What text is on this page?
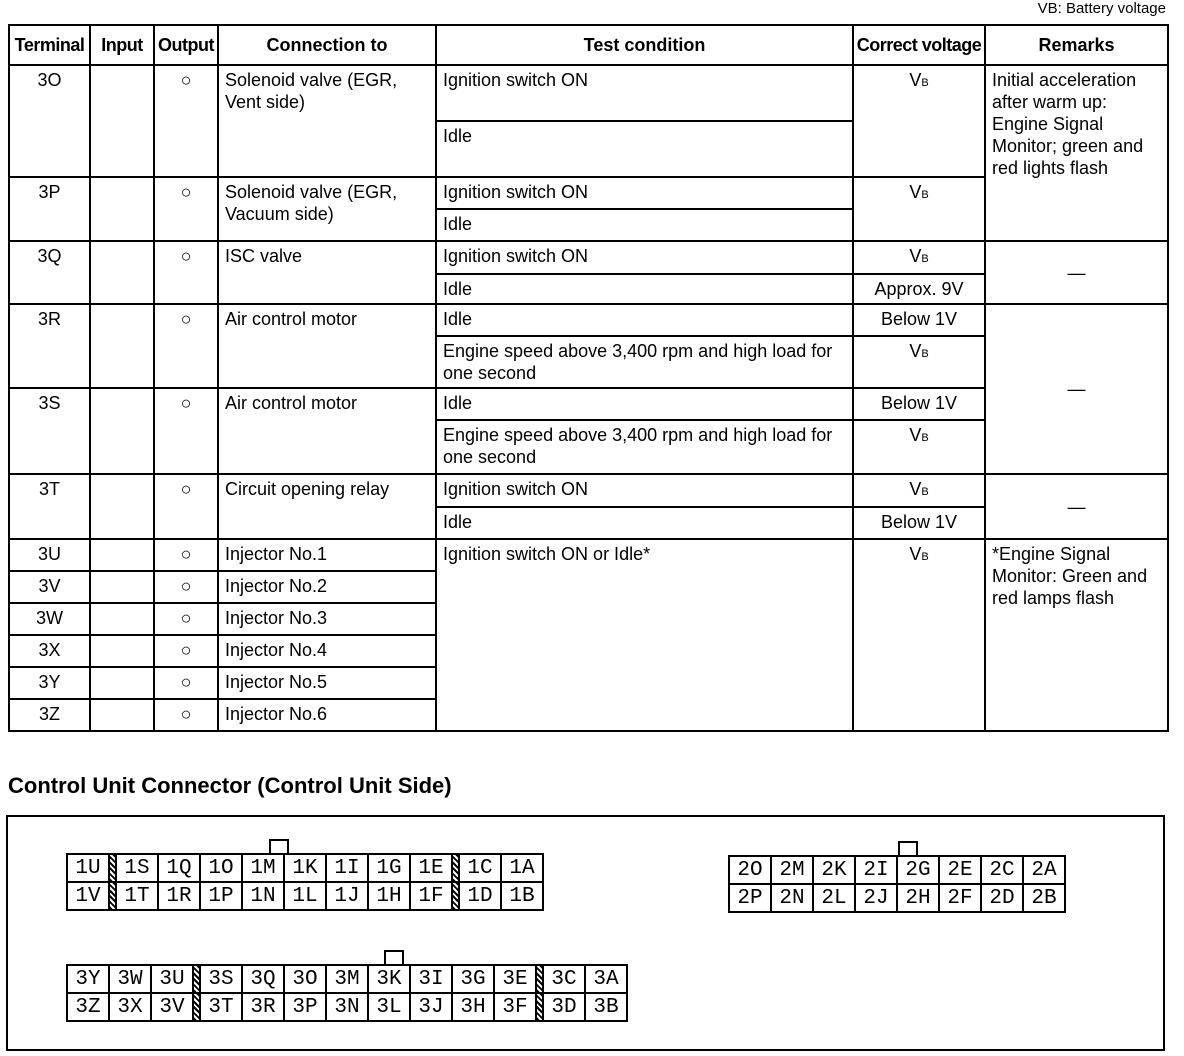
VB: Battery voltage
Terminal	Input	Output	Connection to	Test condition	Correct voltage	Remarks
3O		○	Solenoid valve (EGR, Vent side)	Ignition switch ON	VB	Initial acceleration after warm up: Engine Signal Monitor; green and red lights flash
				Idle		
3P		○	Solenoid valve (EGR, Vacuum side)	Ignition switch ON	VB	
				Idle		
3Q		○	ISC valve	Ignition switch ON	VB	—
				Idle	Approx. 9V	
3R		○	Air control motor	Idle	Below 1V	—
				Engine speed above 3,400 rpm and high load for one second	VB	
3S		○	Air control motor	Idle	Below 1V	
				Engine speed above 3,400 rpm and high load for one second	VB	
3T		○	Circuit opening relay	Ignition switch ON	VB	—
				Idle	Below 1V	
3U		○	Injector No.1	Ignition switch ON or Idle*	VB	*Engine Signal Monitor: Green and red lamps flash
3V		○	Injector No.2			
3W		○	Injector No.3			
3X		○	Injector No.4			
3Y		○	Injector No.5			
3Z		○	Injector No.6			
Control Unit Connector (Control Unit Side)
1U	1S 1Q 1O 1M 1K 1I 1G 1E	1C 1A
1V	1T 1R 1P 1N 1L 1J 1H 1F	1D 1B
2O 2M 2K 2I 2G 2E 2C 2A
2P 2N 2L 2J 2H 2F 2D 2B
3Y 3W 3U	3S 3Q 3O 3M 3K 3I 3G 3E	3C 3A
3Z 3X 3V	3T 3R 3P 3N 3L 3J 3H 3F	3D 3B
